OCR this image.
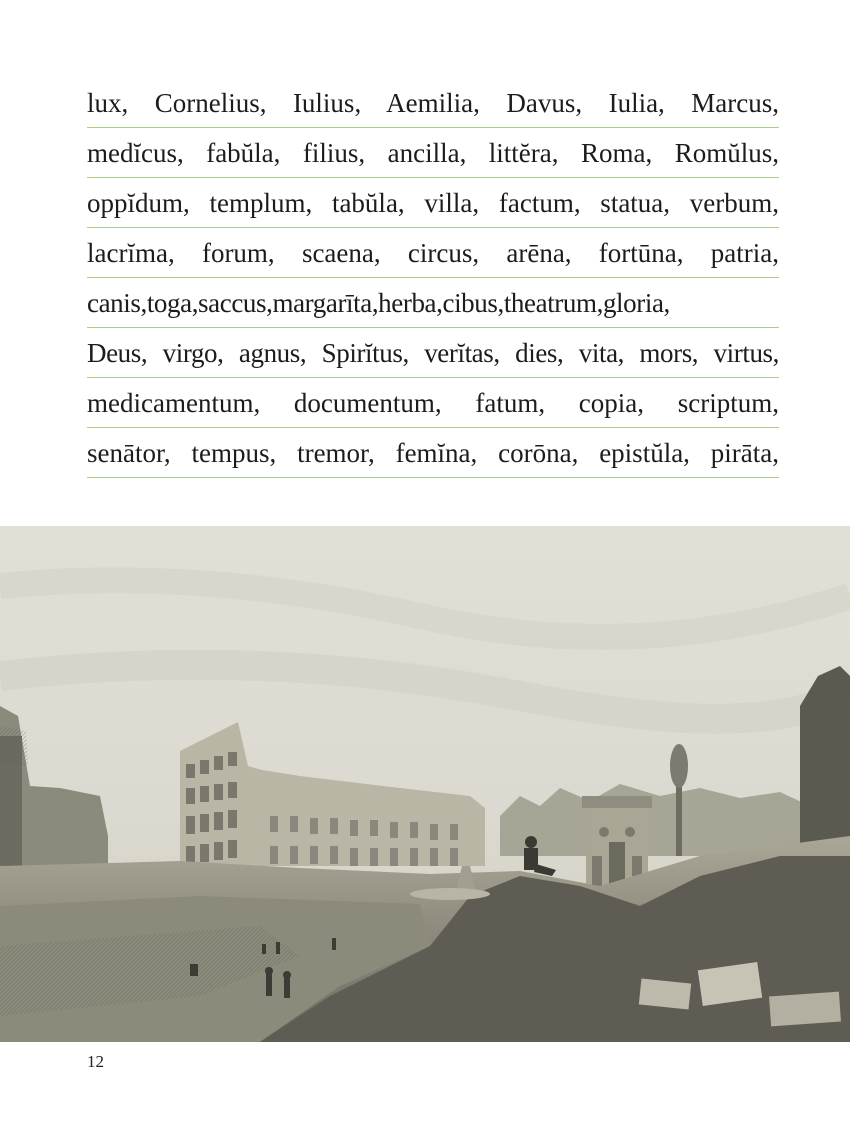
lux, Cornelius, Iulius, Aemilia, Davus, Iulia, Marcus,
medĭcus, fabŭla, filius, ancilla, littĕra, Roma, Romŭlus,
oppĭdum, templum, tabŭla, villa, factum, statua, verbum,
lacrĭma, forum, scaena, circus, arēna, fortūna, patria,
canis,toga,saccus,margarīta,herba,cibus,theatrum,gloria,
Deus, virgo, agnus, Spirĭtus, verĭtas, dies, vita, mors, virtus,
medicamentum, documentum, fatum, copia, scriptum,
senātor, tempus, tremor, femĭna, corōna, epistŭla, pirāta,
12
